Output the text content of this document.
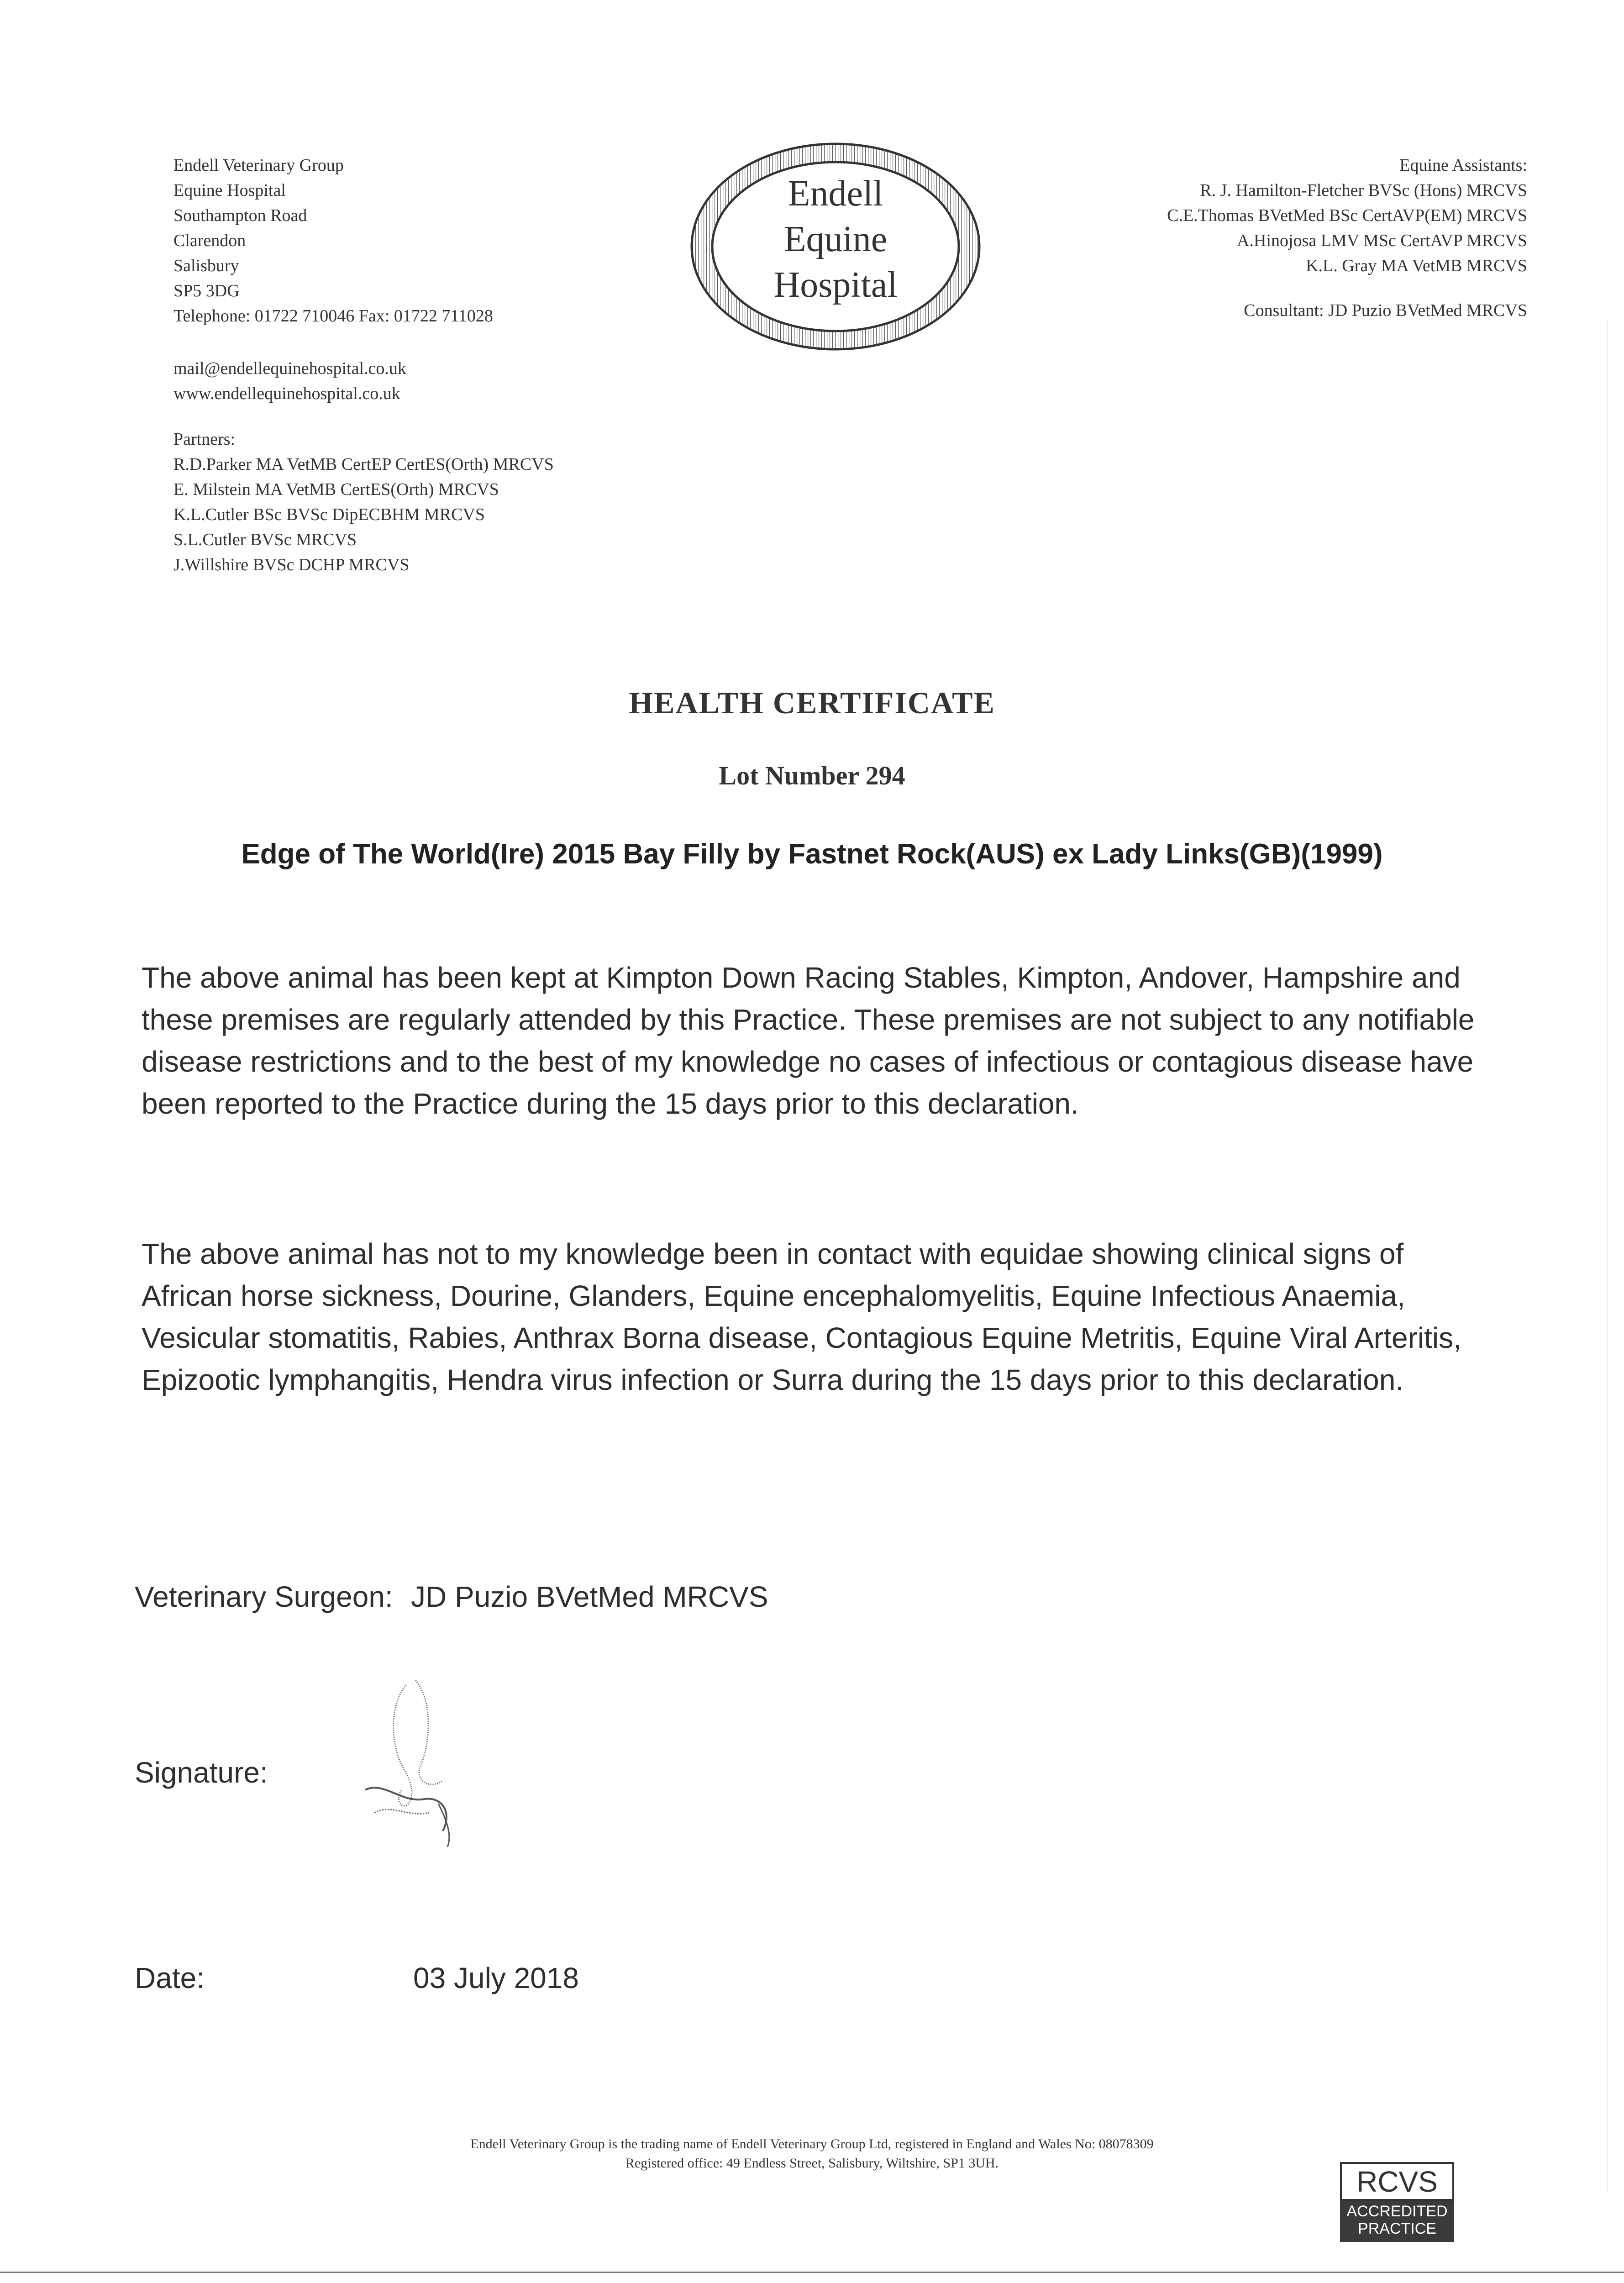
Endell Veterinary Group
Equine Hospital
Southampton Road
Clarendon
Salisbury
SP5 3DG
Telephone: 01722 710046 Fax: 01722 711028
mail@endellequinehospital.co.uk
www.endellequinehospital.co.uk
Partners:
R.D.Parker MA VetMB CertEP CertES(Orth) MRCVS
E. Milstein MA VetMB CertES(Orth) MRCVS
K.L.Cutler BSc BVSc DipECBHM MRCVS
S.L.Cutler BVSc MRCVS
J.Willshire BVSc DCHP MRCVS
Endell
Equine
Hospital
Equine Assistants:
R. J. Hamilton-Fletcher BVSc (Hons) MRCVS
C.E.Thomas BVetMed BSc CertAVP(EM) MRCVS
A.Hinojosa LMV MSc CertAVP MRCVS
K.L. Gray MA VetMB MRCVS
Consultant: JD Puzio BVetMed MRCVS
HEALTH CERTIFICATE
Lot Number 294
Edge of The World(Ire) 2015 Bay Filly by Fastnet Rock(AUS) ex Lady Links(GB)(1999)
The above animal has been kept at Kimpton Down Racing Stables, Kimpton, Andover, Hampshire and
these premises are regularly attended by this Practice. These premises are not subject to any notifiable
disease restrictions and to the best of my knowledge no cases of infectious or contagious disease have
been reported to the Practice during the 15 days prior to this declaration.
The above animal has not to my knowledge been in contact with equidae showing clinical signs of
African horse sickness, Dourine, Glanders, Equine encephalomyelitis, Equine Infectious Anaemia,
Vesicular stomatitis, Rabies, Anthrax Borna disease, Contagious Equine Metritis, Equine Viral Arteritis,
Epizootic lymphangitis, Hendra virus infection or Surra during the 15 days prior to this declaration.
Veterinary Surgeon: JD Puzio BVetMed MRCVS
Signature:
Date:	03 July 2018
Endell Veterinary Group is the trading name of Endell Veterinary Group Ltd, registered in England and Wales No: 08078309
Registered office: 49 Endless Street, Salisbury, Wiltshire, SP1 3UH.
RCVS
ACCREDITED
PRACTICE
